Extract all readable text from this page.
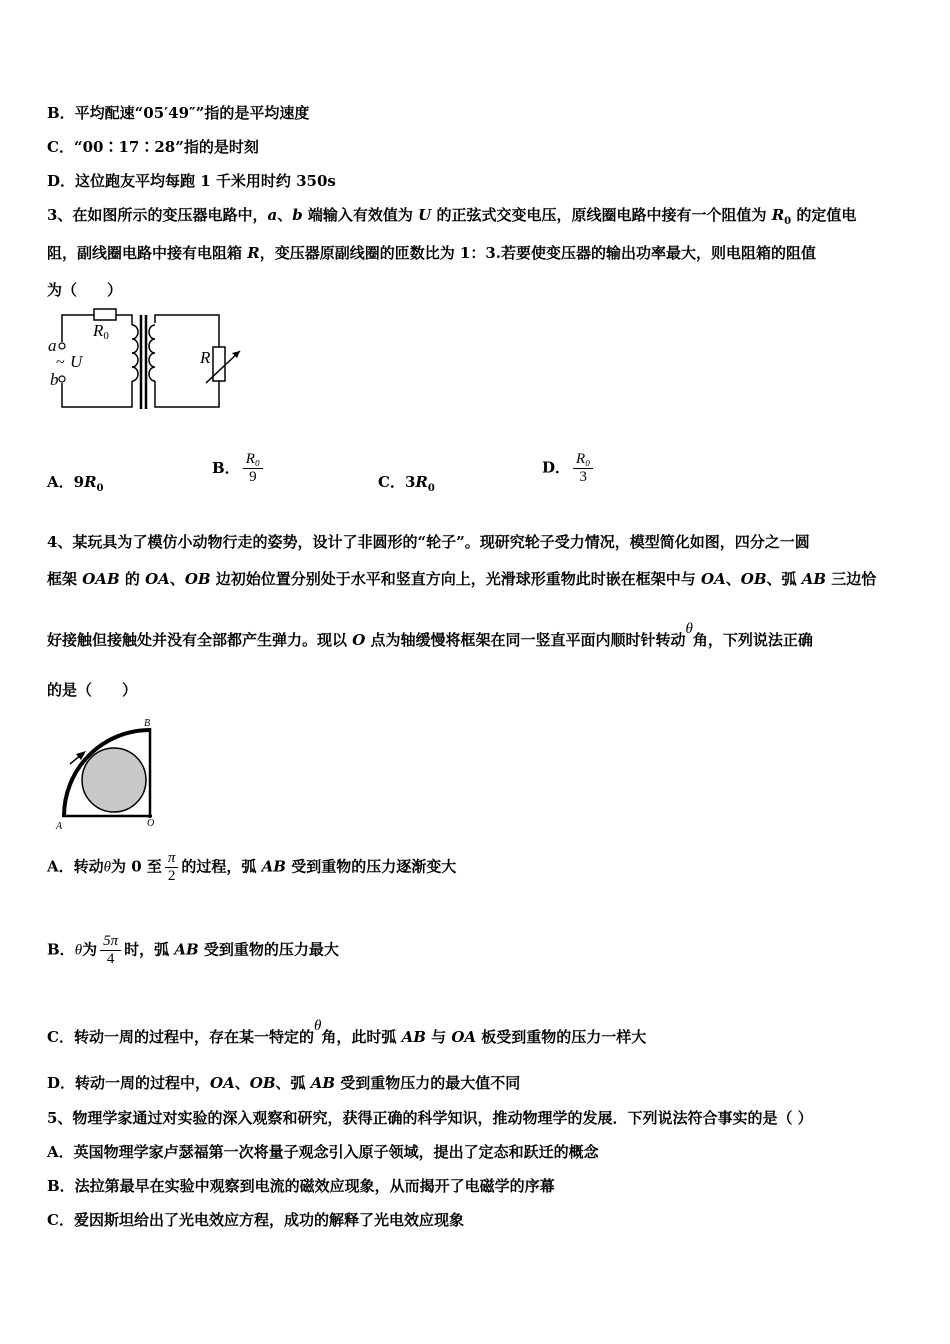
B．平均配速“05′49″”指的是平均速度
C．“00∶17∶28”指的是时刻
D．这位跑友平均每跑 1 千米用时约 350s
3、在如图所示的变压器电路中，a、b 端输入有效值为 U 的正弦式交变电压，原线圈电路中接有一个阻值为 $R_0$ 的定值电
阻，副线圈电路中接有电阻箱 R，变压器原副线圈的匝数比为 1：3.若要使变压器的输出功率最大，则电阻箱的阻值
为（　　）
a
b
~ U
R0
R
A．$9R_0$
B． $\frac{\text{R₀}}{9}$	C．$3R_0$
D． $\frac{\text{R₀}}{3}$
4、某玩具为了模仿小动物行走的姿势，设计了非圆形的“轮子”。现研究轮子受力情况，模型简化如图，四分之一圆
框架 OAB 的 OA、OB 边初始位置分别处于水平和竖直方向上，光滑球形重物此时嵌在框架中与 OA、OB、弧 AB 三边恰
好接触但接触处并没有全部都产生弹力。现以 O 点为轴缓慢将框架在同一竖直平面内顺时针转动θ角，下列说法正确
的是（　　）
B
A	O
A．转动θ为 0 至 $\frac{\pi}{2}$ 的过程，弧 AB 受到重物的压力逐渐变大
B．θ为 $\frac{5\pi}{4}$ 时，弧 AB 受到重物的压力最大
C．转动一周的过程中，存在某一特定的θ角，此时弧 AB 与 OA 板受到重物的压力一样大
D．转动一周的过程中，OA、OB、弧 AB 受到重物压力的最大值不同
5、物理学家通过对实验的深入观察和研究，获得正确的科学知识，推动物理学的发展．下列说法符合事实的是（ ）
A．英国物理学家卢瑟福第一次将量子观念引入原子领域，提出了定态和跃迁的概念
B．法拉第最早在实验中观察到电流的磁效应现象，从而揭开了电磁学的序幕
C．爱因斯坦给出了光电效应方程，成功的解释了光电效应现象
